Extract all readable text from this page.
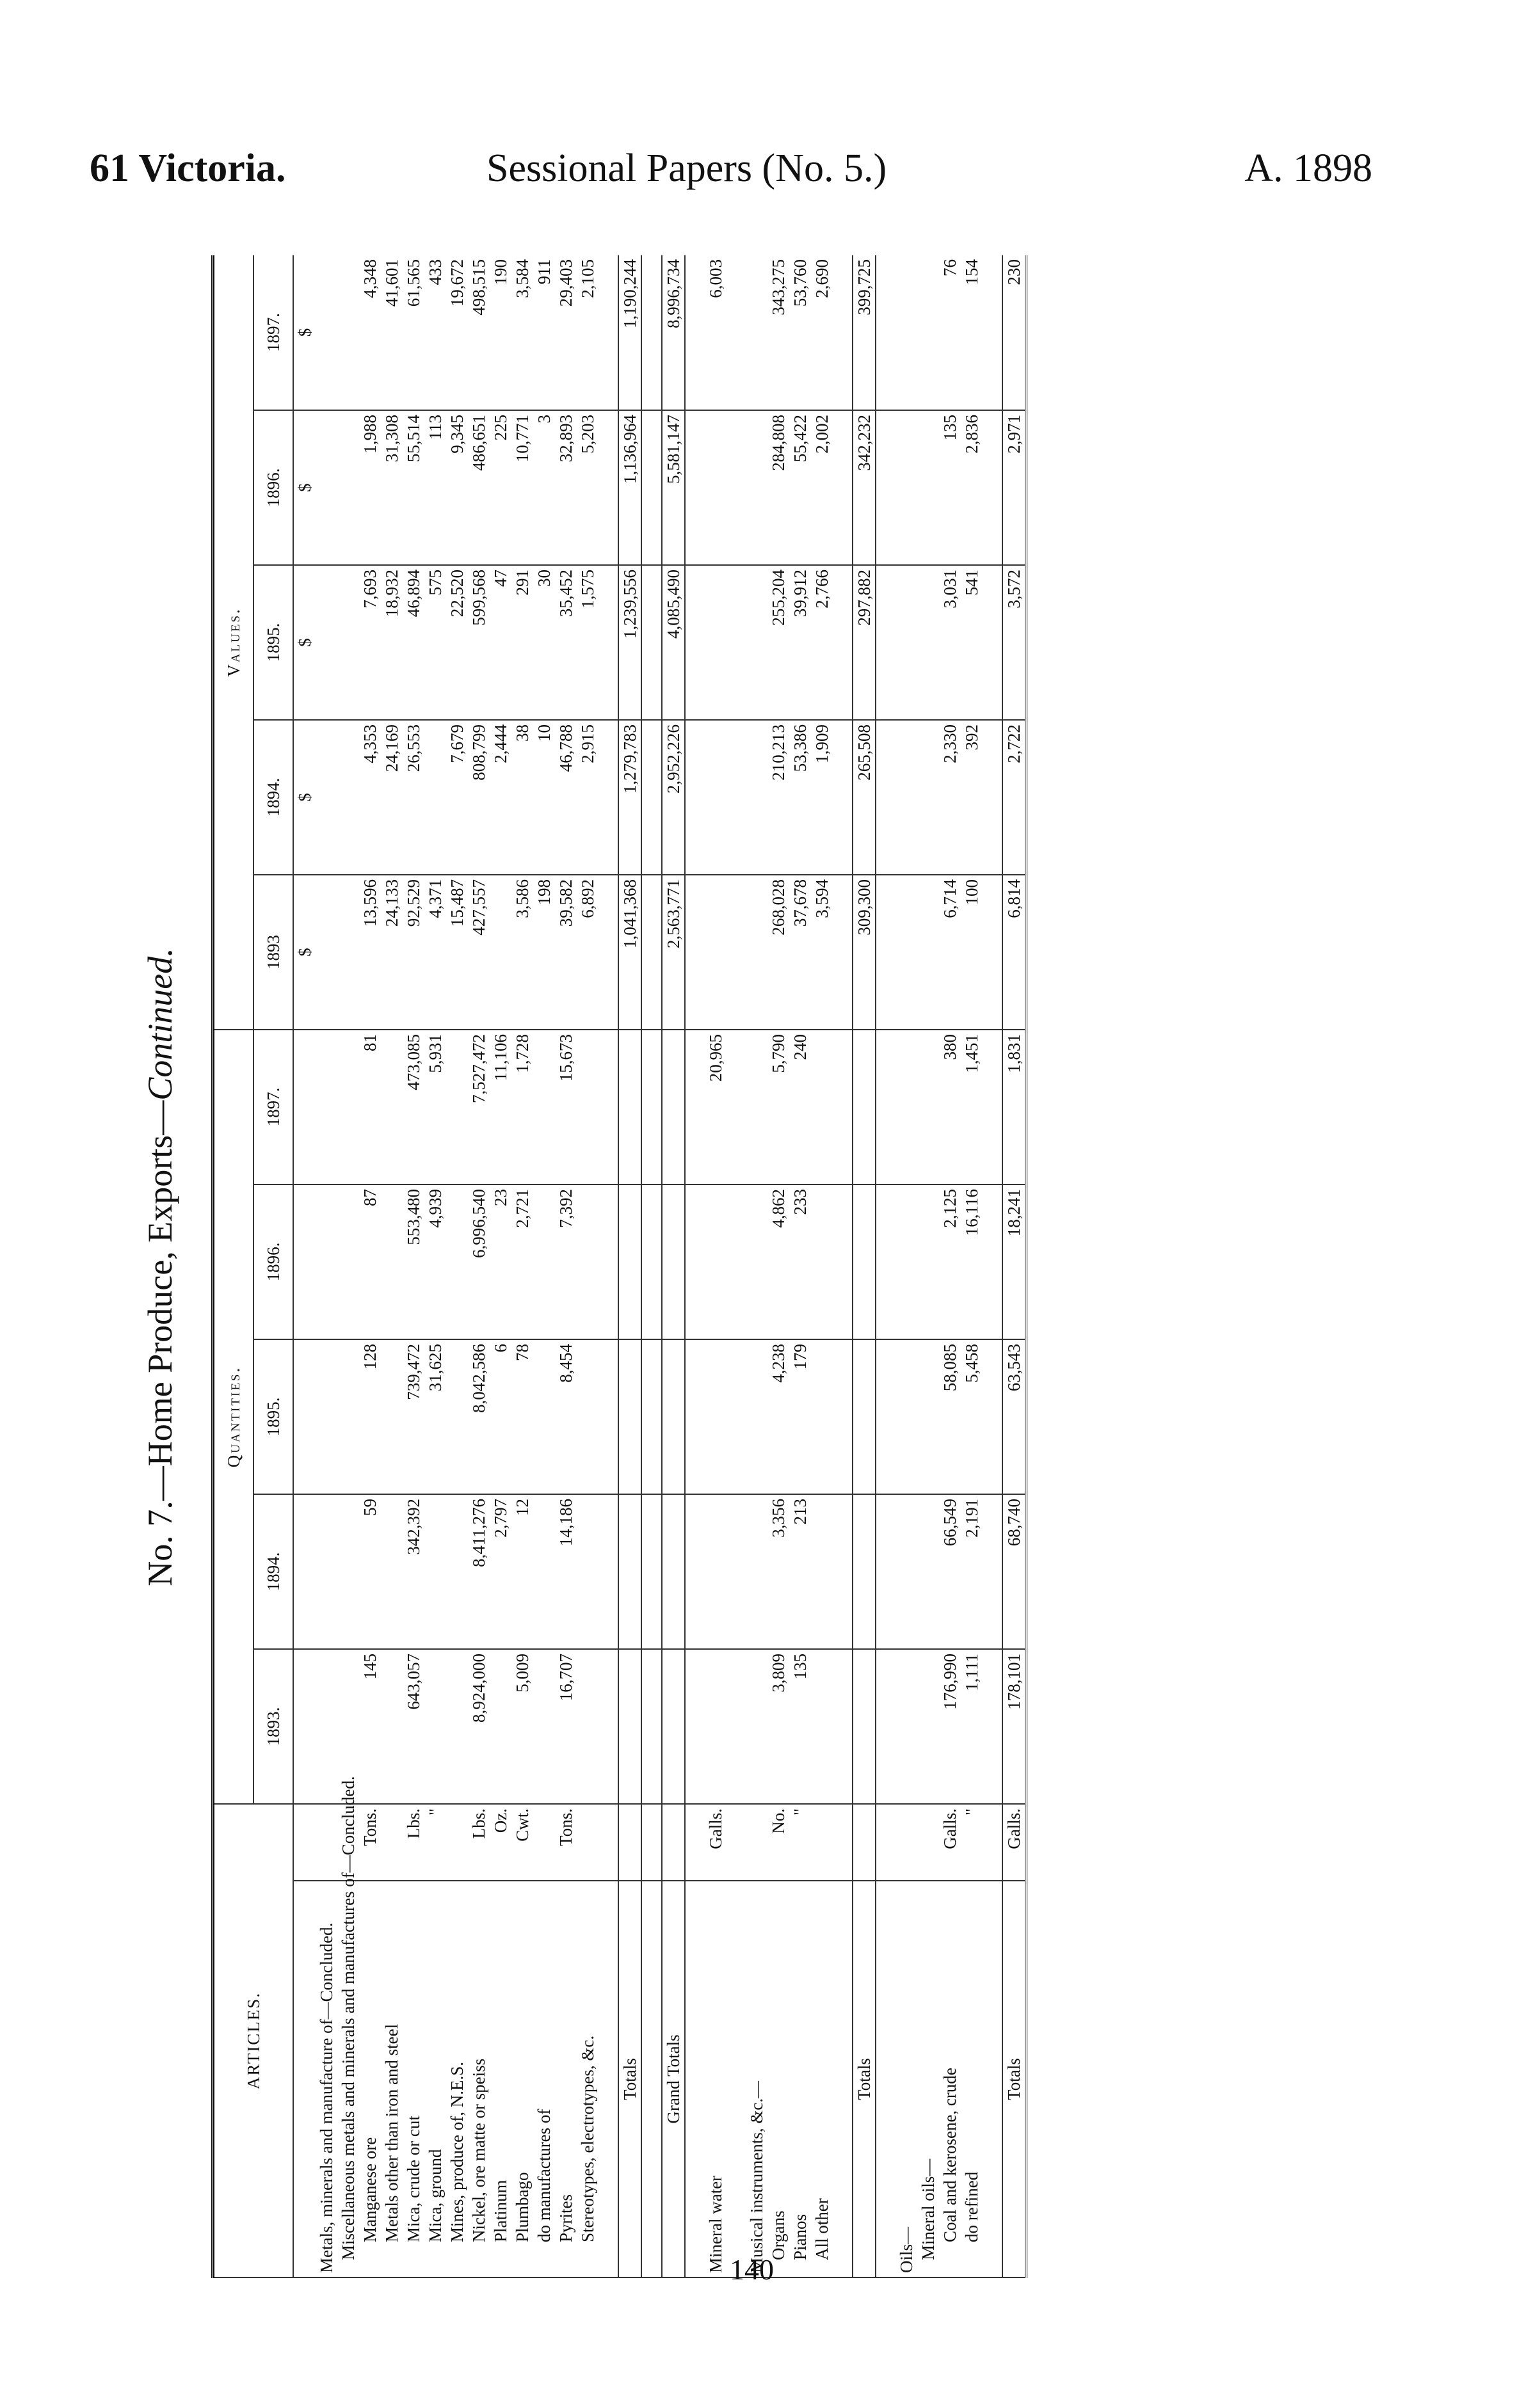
61 Victoria.	Sessional Papers (No. 5.)	A. 1898
No. 7.—Home Produce, Exports—Continued.
ARTICLES.		Quantities.					Values.				
		1893.	1894.	1895.	1896.	1897.	1893	1894.	1895.	1896.	1897.
							$	$	$	$	$
Metals, minerals and manufacture of—Concluded.											
Miscellaneous metals and minerals and manufactures of—Concluded.											
Manganese ore	Tons.	145	59	128	87	81	13,596	4,353	7,693	1,988	4,348
Metals other than iron and steel							24,133	24,169	18,932	31,308	41,601
Mica, crude or cut	Lbs.	643,057	342,392	739,472	553,480	473,085	92,529	26,553	46,894	55,514	61,565
Mica, ground	"			31,625	4,939	5,931	4,371		575	113	433
Mines, produce of, N.E.S.							15,487	7,679	22,520	9,345	19,672
Nickel, ore matte or speiss	Lbs.	8,924,000	8,411,276	8,042,586	6,996,540	7,527,472	427,557	808,799	599,568	486,651	498,515
Platinum	Oz.		2,797	6	23	11,106		2,444	47	225	190
Plumbago	Cwt.	5,009	12	78	2,721	1,728	3,586	38	291	10,771	3,584
do manufactures of							198	10	30	3	911
Pyrites	Tons.	16,707	14,186	8,454	7,392	15,673	39,582	46,788	35,452	32,893	29,403
Stereotypes, electrotypes, &c.							6,892	2,915	1,575	5,203	2,105

Totals							1,041,368	1,279,783	1,239,556	1,136,964	1,190,244

Grand Totals							2,563,771	2,952,226	4,085,490	5,581,147	8,996,734

Mineral water	Galls.					20,965					6,003

Musical instruments, &c.—											
Organs	No.	3,809	3,356	4,238	4,862	5,790	268,028	210,213	255,204	284,808	343,275
Pianos	"	135	213	179	233	240	37,678	53,386	39,912	55,422	53,760
All other							3,594	1,909	2,766	2,002	2,690

Totals							309,300	265,508	297,882	342,232	399,725

Oils—											
Mineral oils—											
Coal and kerosene, crude	Galls.	176,990	66,549	58,085	2,125	380	6,714	2,330	3,031	135	76
do refined	"	1,111	2,191	5,458	16,116	1,451	100	392	541	2,836	154

Totals	Galls.	178,101	68,740	63,543	18,241	1,831	6,814	2,722	3,572	2,971	230
140
